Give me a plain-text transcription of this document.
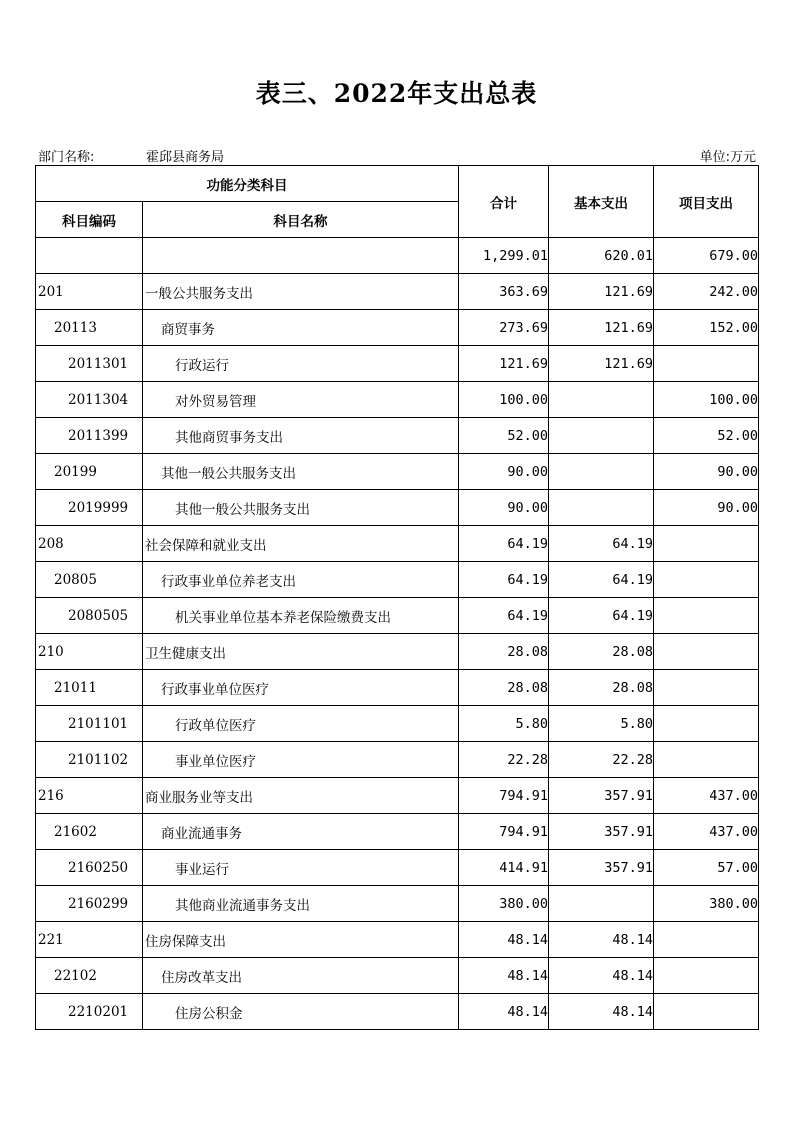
表三、2022年支出总表
部门名称:	霍邱县商务局	单位:万元
功能分类科目		合计	基本支出	项目支出
科目编码	科目名称			
		1,299.01	620.01	679.00
201	一般公共服务支出	363.69	121.69	242.00
20113	商贸事务	273.69	121.69	152.00
2011301	行政运行	121.69	121.69	
2011304	对外贸易管理	100.00		100.00
2011399	其他商贸事务支出	52.00		52.00
20199	其他一般公共服务支出	90.00		90.00
2019999	其他一般公共服务支出	90.00		90.00
208	社会保障和就业支出	64.19	64.19	
20805	行政事业单位养老支出	64.19	64.19	
2080505	机关事业单位基本养老保险缴费支出	64.19	64.19	
210	卫生健康支出	28.08	28.08	
21011	行政事业单位医疗	28.08	28.08	
2101101	行政单位医疗	5.80	5.80	
2101102	事业单位医疗	22.28	22.28	
216	商业服务业等支出	794.91	357.91	437.00
21602	商业流通事务	794.91	357.91	437.00
2160250	事业运行	414.91	357.91	57.00
2160299	其他商业流通事务支出	380.00		380.00
221	住房保障支出	48.14	48.14	
22102	住房改革支出	48.14	48.14	
2210201	住房公积金	48.14	48.14	
